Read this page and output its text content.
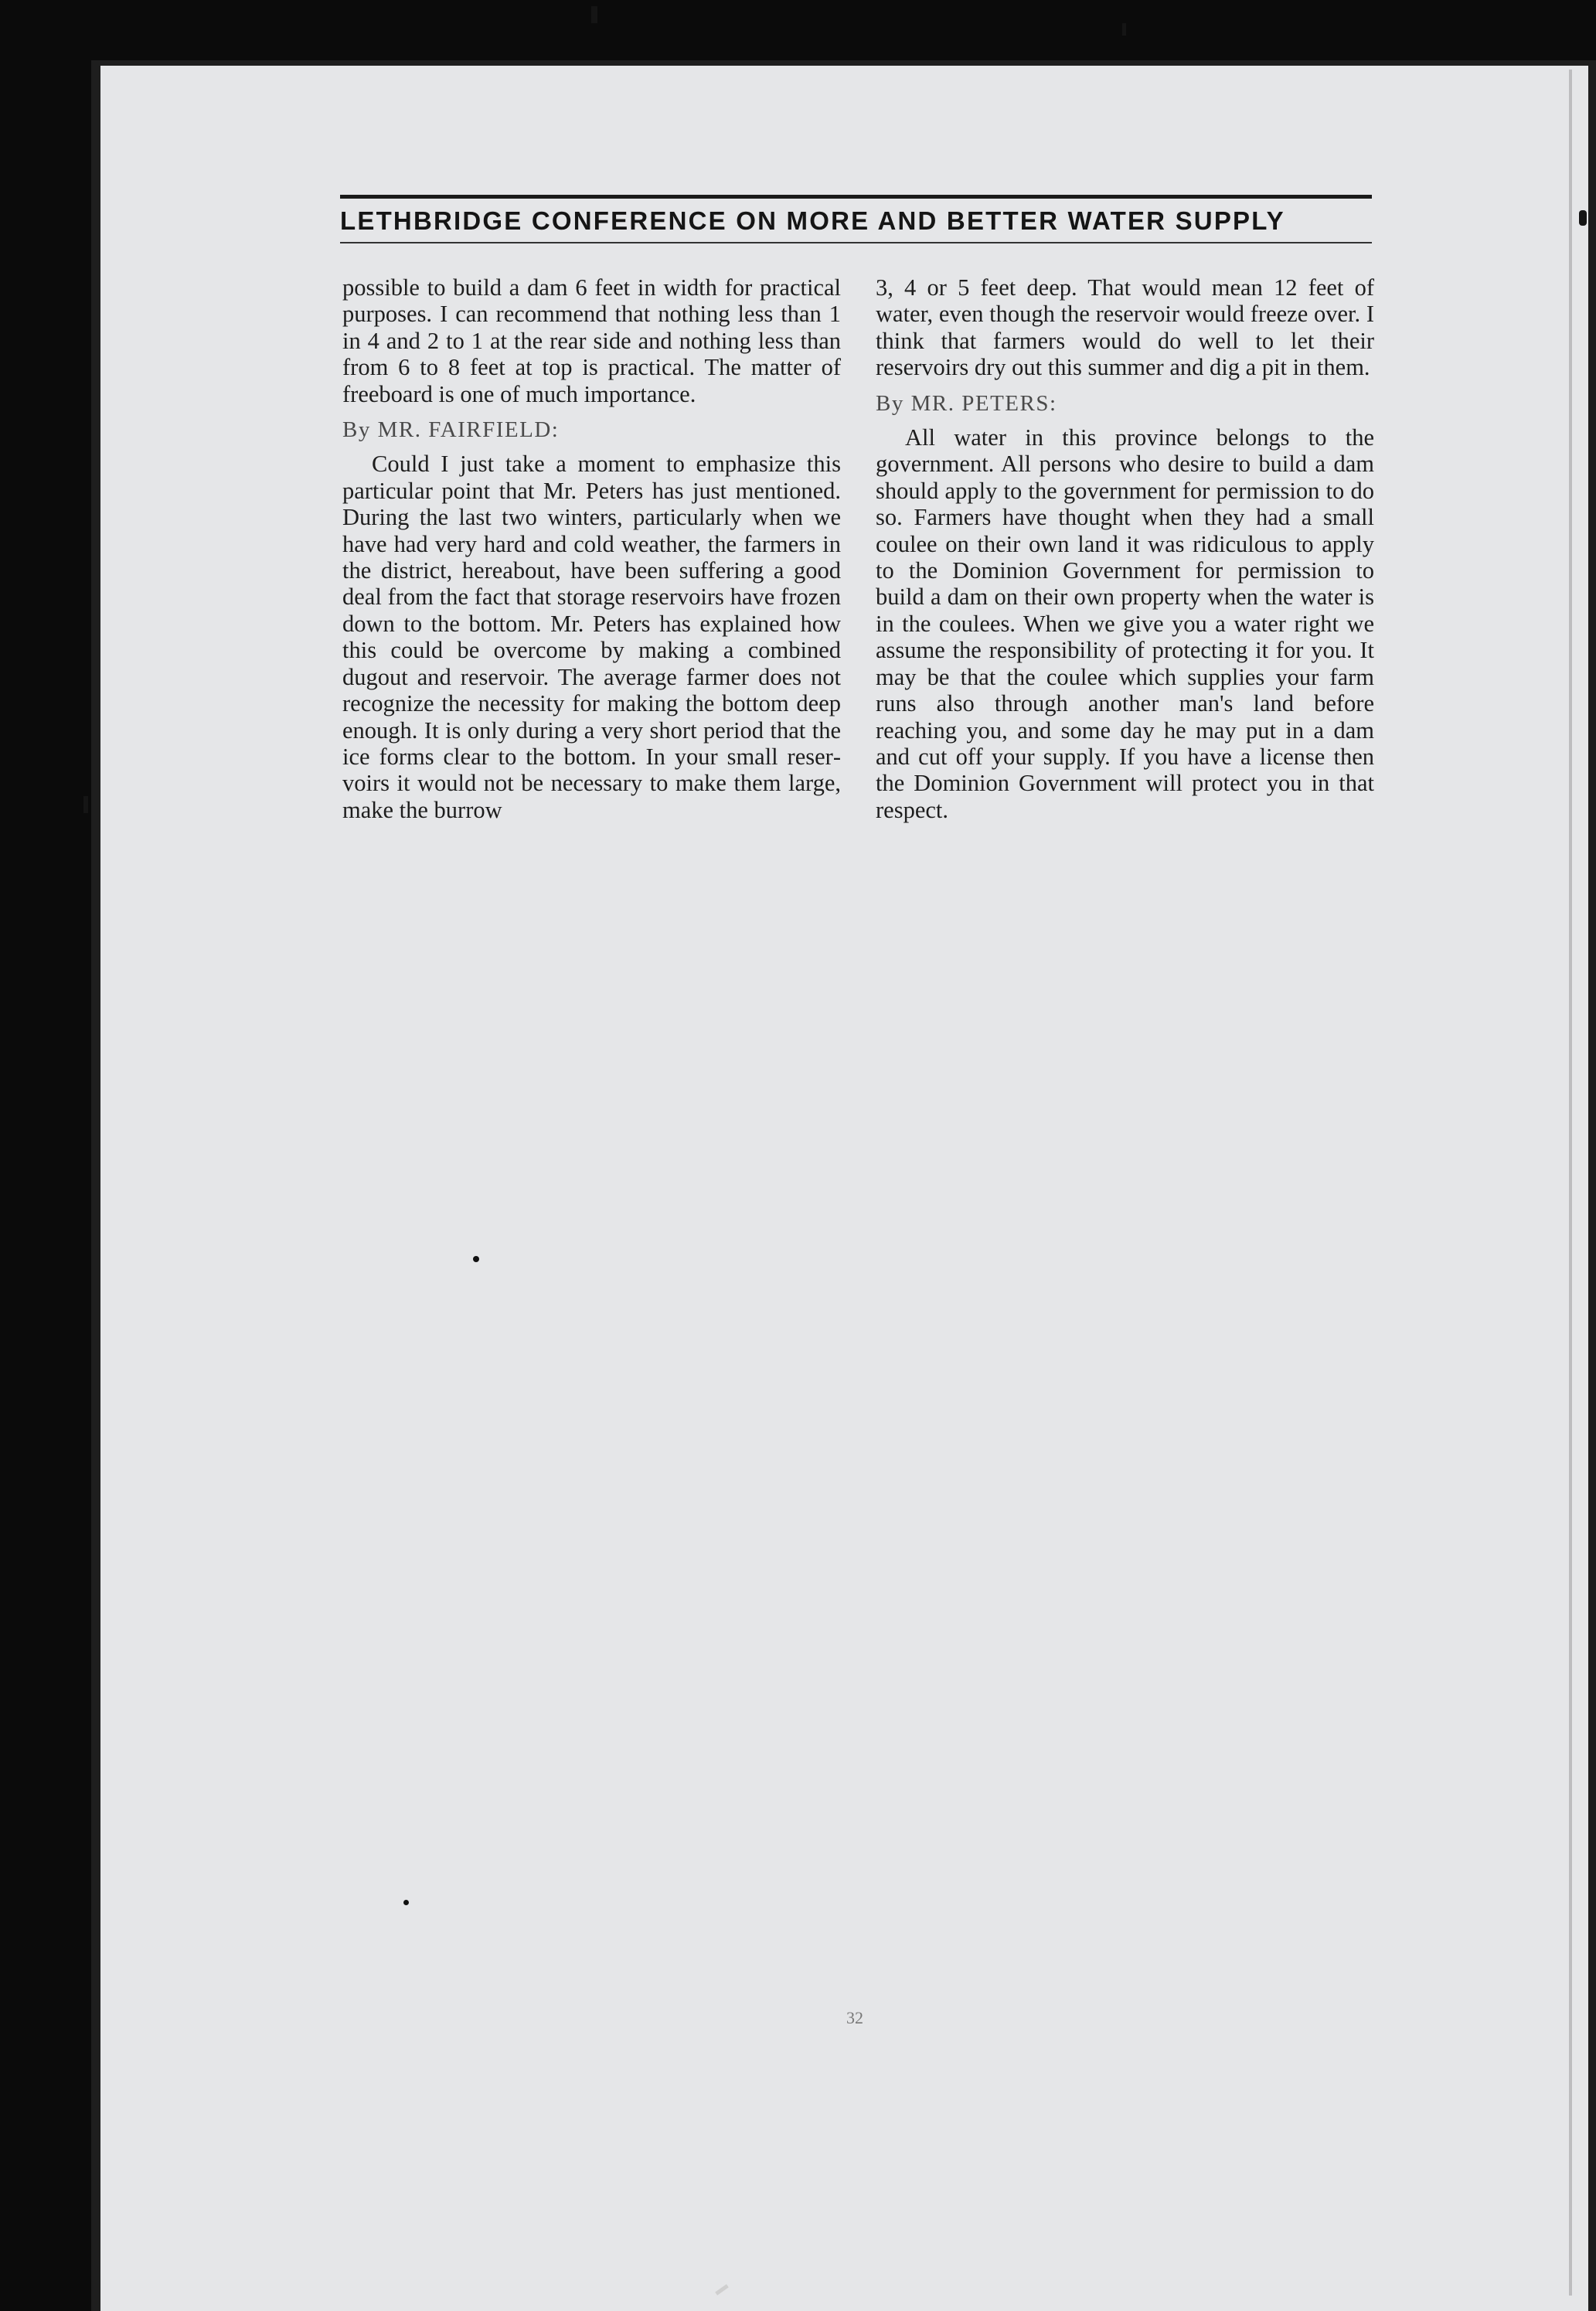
LETHBRIDGE CONFERENCE ON MORE AND BETTER WATER SUPPLY

possible to build a dam 6 feet in width for practical purposes. I can recommend that nothing less than 1 in 4 and 2 to 1 at the rear side and nothing less than from 6 to 8 feet at top is practical. The matter of freeboard is one of much importance.

By MR. FAIRFIELD:

Could I just take a moment to emphasize this particular point that Mr. Peters has just mentioned. During the last two winters, particularly when we have had very hard and cold weather, the farmers in the district, hereabout, have been suffering a good deal from the fact that storage reservoirs have frozen down to the bottom. Mr. Peters has explained how this could be overcome by making a combined dugout and reservoir. The average farmer does not recognize the necessity for making the bottom deep enough. It is only during a very short period that the ice forms clear to the bottom. In your small reservoirs it would not be necessary to make them large, make the burrow

3, 4 or 5 feet deep. That would mean 12 feet of water, even though the reservoir would freeze over. I think that farmers would do well to let their reservoirs dry out this summer and dig a pit in them.

By MR. PETERS:

All water in this province belongs to the government. All persons who desire to build a dam should apply to the government for permission to do so. Farmers have thought when they had a small coulee on their own land it was ridiculous to apply to the Dominion Government for permission to build a dam on their own property when the water is in the coulees. When we give you a water right we assume the responsibility of protecting it for you. It may be that the coulee which supplies your farm runs also through another man's land before reaching you, and some day he may put in a dam and cut off your supply. If you have a license then the Dominion Government will protect you in that respect.

32
